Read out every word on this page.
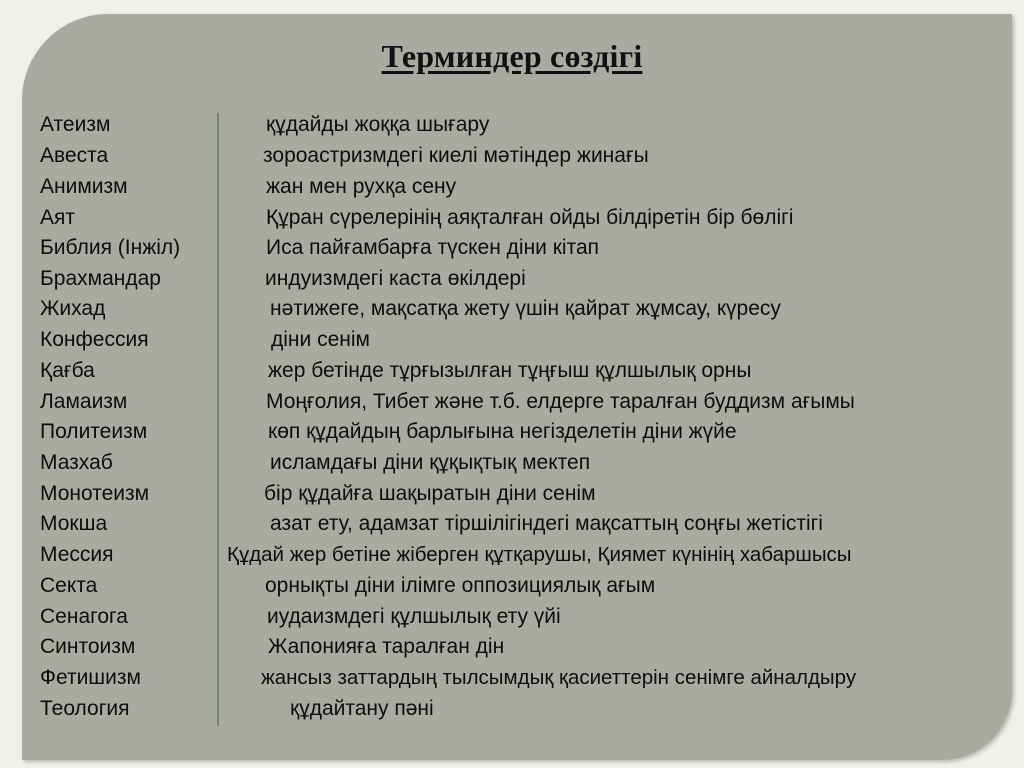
Терминдер сөздігі
Атеизм	құдайды жоққа шығару
Авеста	зороастризмдегі киелі мәтіндер жинағы
Анимизм	жан мен рухқа сену
Аят	Құран сүрелерінің аяқталған ойды білдіретін бір бөлігі
Библия (Інжіл)	Иса пайғамбарға түскен діни кітап
Брахмандар	индуизмдегі каста өкілдері
Жихад	нәтижеге, мақсатқа жету үшін қайрат жұмсау, күресу
Конфессия	діни сенім
Қағба	жер бетінде тұрғызылған тұңғыш құлшылық орны
Ламаизм	Моңғолия, Тибет және т.б. елдерге таралған буддизм ағымы
Политеизм	көп құдайдың барлығына негізделетін діни жүйе
Мазхаб	исламдағы діни құқықтық мектеп
Монотеизм	бір құдайға шақыратын діни сенім
Мокша	азат ету, адамзат тіршілігіндегі мақсаттың соңғы жетістігі
Мессия	Құдай жер бетіне жіберген құтқарушы, Қиямет күнінің хабаршысы
Секта	орнықты діни ілімге оппозициялық ағым
Сенагога	иудаизмдегі құлшылық ету үйі
Синтоизм	Жапонияға таралған дін
Фетишизм	жансыз заттардың тылсымдық қасиеттерін сенімге айналдыру
Теология	құдайтану пәні
